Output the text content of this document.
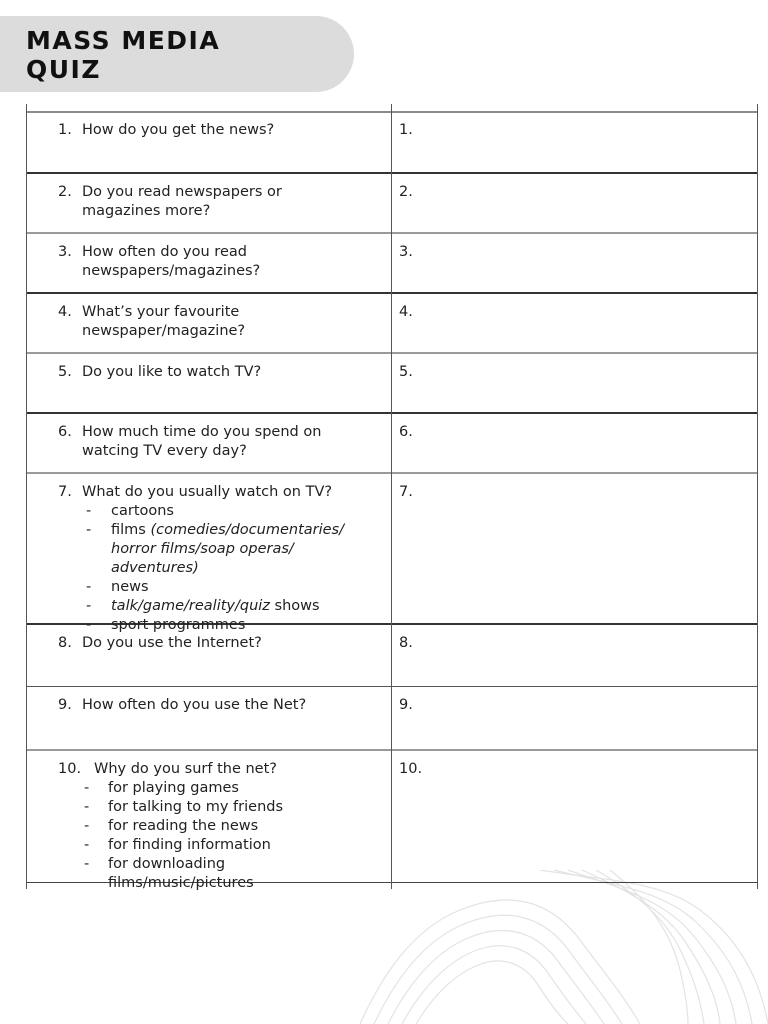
MASS MEDIA
QUIZ
1. How do you get the news?	1.
2. Do you read newspapers or
magazines more?
2.
3. How often do you read
newspapers/magazines?
3.
4. What’s your favourite
newspaper/magazine?
4.
5. Do you like to watch TV?	5.
6. How much time do you spend on
watcing TV every day?
6.
7. What do you usually watch on TV?
- cartoons
- films (comedies/documentaries/
horror films/soap operas/
adventures)
- news
- talk/game/reality/quiz shows
- sport programmes
7.
8. Do you use the Internet?	8.
9. How often do you use the Net?	9.
10. Why do you surf the net?
- for playing games
- for talking to my friends
- for reading the news
- for finding information
- for downloading
films/music/pictures
10.
